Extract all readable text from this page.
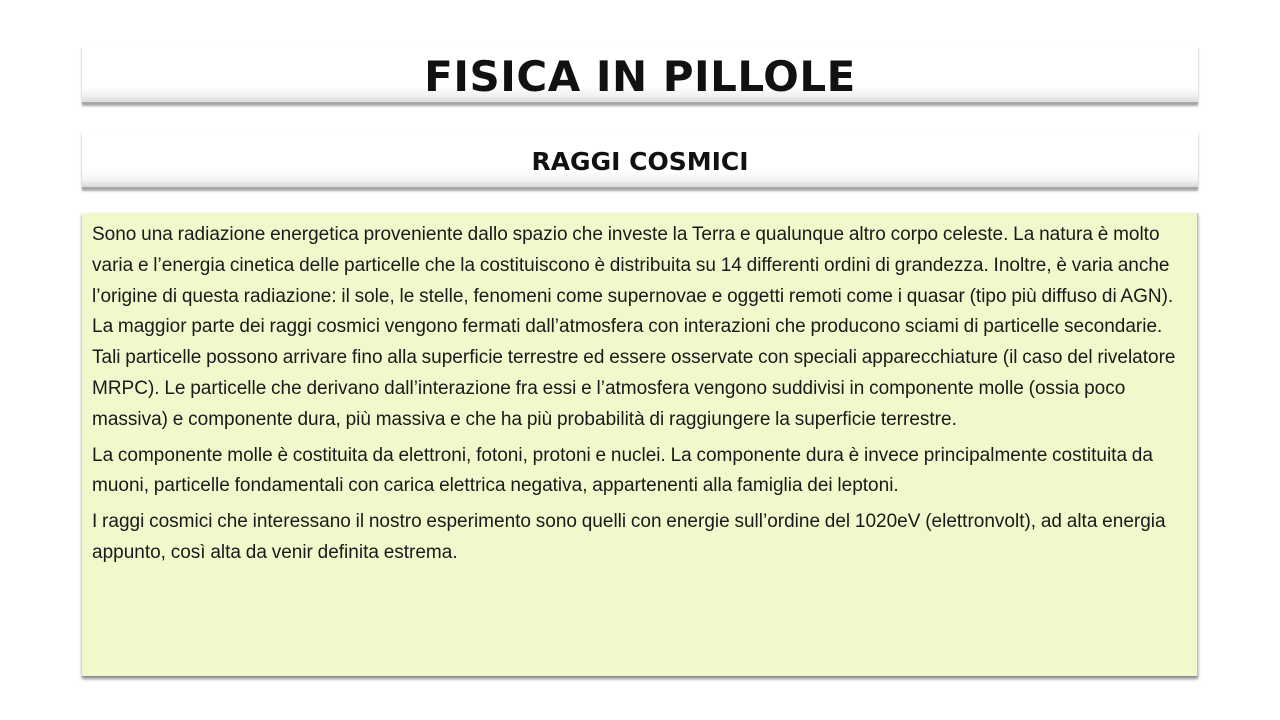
FISICA IN PILLOLE
RAGGI COSMICI

Sono una radiazione energetica proveniente dallo spazio che investe la Terra e qualunque altro corpo celeste. La natura è molto varia e l’energia cinetica delle particelle che la costituiscono è distribuita su 14 differenti ordini di grandezza. Inoltre, è varia anche l’origine di questa radiazione: il sole, le stelle, fenomeni come supernovae e oggetti remoti come i quasar (tipo più diffuso di AGN). La maggior parte dei raggi cosmici vengono fermati dall’atmosfera con interazioni che producono sciami di particelle secondarie. Tali particelle possono arrivare fino alla superficie terrestre ed essere osservate con speciali apparecchiature (il caso del rivelatore MRPC). Le particelle che derivano dall’interazione fra essi e l’atmosfera vengono suddivisi in componente molle (ossia poco massiva) e componente dura, più massiva e che ha più probabilità di raggiungere la superficie terrestre.

La componente molle è costituita da elettroni, fotoni, protoni e nuclei. La componente dura è invece principalmente costituita da muoni, particelle fondamentali con carica elettrica negativa, appartenenti alla famiglia dei leptoni.

I raggi cosmici che interessano il nostro esperimento sono quelli con energie sull’ordine del 1020eV (elettronvolt), ad alta energia appunto, così alta da venir definita estrema.
